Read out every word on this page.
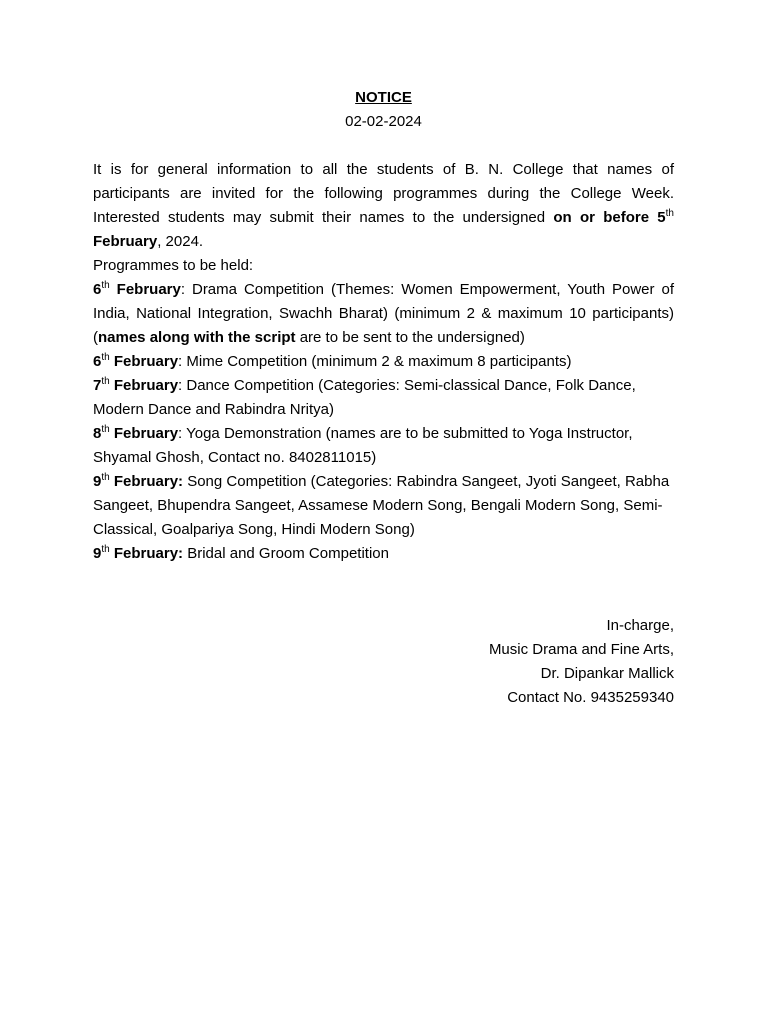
NOTICE
02-02-2024
It is for general information to all the students of B. N. College that names of participants are invited for the following programmes during the College Week. Interested students may submit their names to the undersigned on or before 5th February, 2024.
Programmes to be held:
6th February: Drama Competition (Themes: Women Empowerment, Youth Power of India, National Integration, Swachh Bharat) (minimum 2 & maximum 10 participants) (names along with the script are to be sent to the undersigned)
6th February: Mime Competition (minimum 2 & maximum 8 participants)
7th February: Dance Competition (Categories: Semi-classical Dance, Folk Dance, Modern Dance and Rabindra Nritya)
8th February: Yoga Demonstration (names are to be submitted to Yoga Instructor, Shyamal Ghosh, Contact no. 8402811015)
9th February: Song Competition (Categories: Rabindra Sangeet, Jyoti Sangeet, Rabha Sangeet, Bhupendra Sangeet, Assamese Modern Song, Bengali Modern Song, Semi-Classical, Goalpariya Song, Hindi Modern Song)
9th February: Bridal and Groom Competition
In-charge,
Music Drama and Fine Arts,
Dr. Dipankar Mallick
Contact No. 9435259340
